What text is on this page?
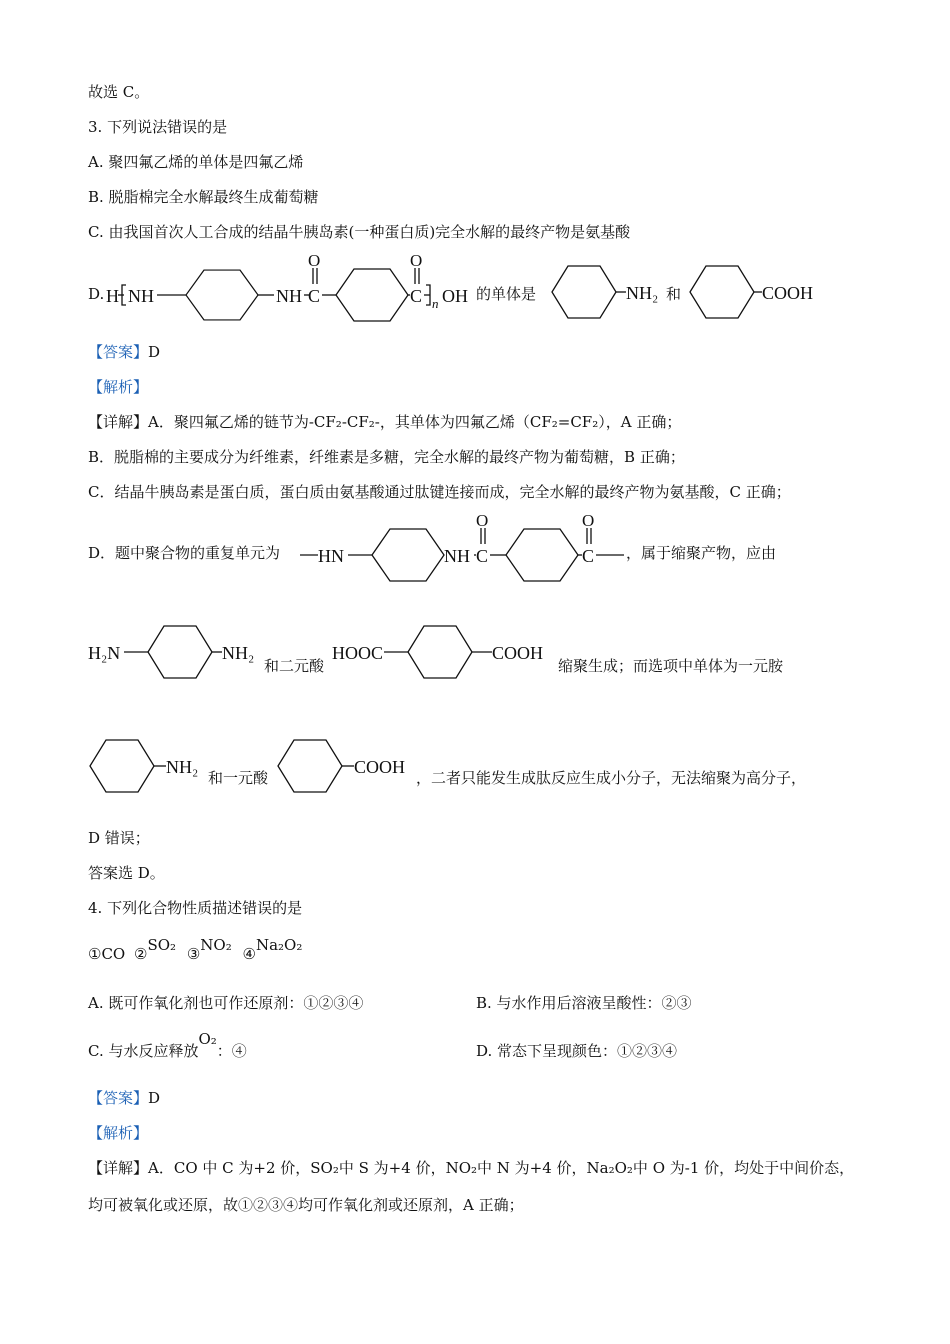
故选 C。
3. 下列说法错误的是
A. 聚四氟乙烯的单体是四氟乙烯
B. 脱脂棉完全水解最终生成葡萄糖
C. 由我国首次人工合成的结晶牛胰岛素(一种蛋白质)完全水解的最终产物是氨基酸
D. H NH	NH C
O
C
O
n OH 的单体是	NH₂ 和	COOH
【答案】D
【解析】
【详解】A．聚四氟乙烯的链节为-CF₂-CF₂-，其单体为四氟乙烯（CF₂=CF₂），A 正确；
B．脱脂棉的主要成分为纤维素，纤维素是多糖，完全水解的最终产物为葡萄糖，B 正确；
C．结晶牛胰岛素是蛋白质，蛋白质由氨基酸通过肽键连接而成，完全水解的最终产物为氨基酸，C 正确；
D．题中聚合物的重复单元为 HN	NH C
O
C
O
，属于缩聚产物，应由
H₂N	NH₂
和二元酸
HOOC	COOH
缩聚生成；而选项中单体为一元胺
NH₂
和一元酸
COOH
，二者只能发生成肽反应生成小分子，无法缩聚为高分子，
D 错误；
答案选 D。
4. 下列化合物性质描述错误的是
①CO ②SO₂ ③NO₂ ④Na₂O₂
A. 既可作氧化剂也可作还原剂：①②③④	B. 与水作用后溶液呈酸性：②③
C. 与水反应释放O₂：④	D. 常态下呈现颜色：①②③④
【答案】D
【解析】
【详解】A．CO 中 C 为+2 价，SO₂中 S 为+4 价，NO₂中 N 为+4 价，Na₂O₂中 O 为-1 价，均处于中间价态，
均可被氧化或还原，故①②③④均可作氧化剂或还原剂，A 正确；
